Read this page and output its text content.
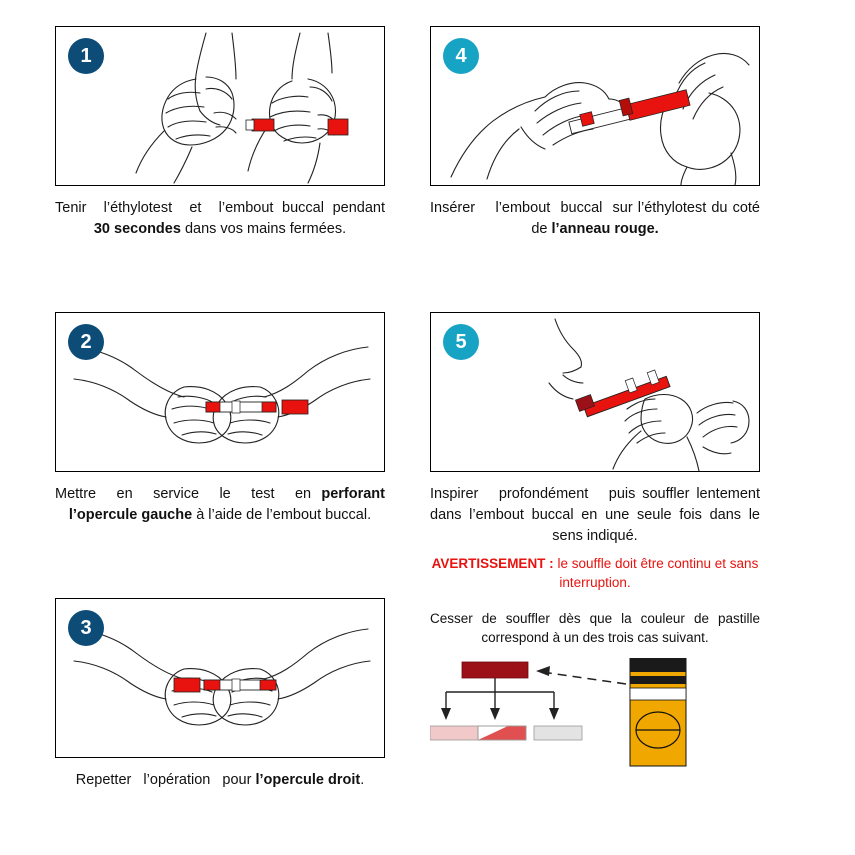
1
Tenir  l’éthylotest  et  l’embout buccal pendant 30 secondes dans vos mains fermées.
2
Mettre  en  service  le  test  en perforant l’opercule gauche à l’aide de l’embout buccal.
3
Repetter   l’opération   pour l’opercule droit.
4
Insérer    l’embout  buccal  sur l’éthylotest du coté de l’anneau rouge.
5
Inspirer   profondément   puis souffler lentement dans l’embout buccal en une seule fois dans le sens indiqué.
AVERTISSEMENT : le souffle doit être continu et sans interruption.
Cesser de souffler dès que la couleur de pastille correspond à un des trois cas suivant.
